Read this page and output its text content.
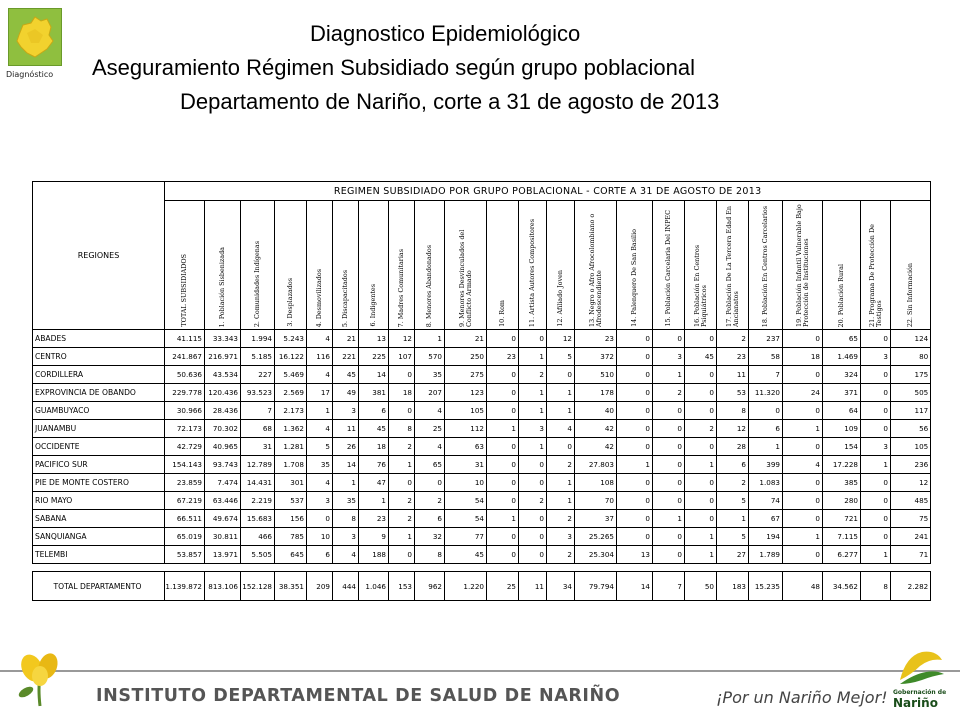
Diagnóstico
Diagnostico Epidemiológico
Aseguramiento Régimen Subsidiado según grupo poblacional
Departamento de Nariño, corte a 31 de agosto de 2013
REGIONES	REGIMEN SUBSIDIADO POR GRUPO POBLACIONAL - CORTE A 31 DE AGOSTO DE 2013																						

	TOTAL SUBSIDIADOS	1. Población Sisbenizada	2. Comunidades Indígenas	3. Desplazados	4. Desmovilizados	5. Discapacitados	6. Indigentes	7. Madres Comunitarias	8. Menores Abandonados	9. Menores Desvinculados del Conflicto Armado	10. Rom	11. Artista Autores Compositores	12. Afiliado Joven	13. Negro o Afro Afrocolombiano o Afrodescendiente	14. Palenquero De San Basilio	15. Población Carcelaria Del INPEC	16. Población En Centros Psiquiátricos	17. Población De La Tercera Edad En Ancianatos	18. Población En Centros Carcelarios	19. Población Infantil Vulnerable Bajo Protección de Instituciones	20. Población Rural	21. Programa De Protección De Testigos	22. Sin Información

ABADES	41.115	33.343	1.994	5.243	4	21	13	12	1	21	0	0	12	23	0	0	0	2	237	0	65	0	124
CENTRO	241.867	216.971	5.185	16.122	116	221	225	107	570	250	23	1	5	372	0	3	45	23	58	18	1.469	3	80
CORDILLERA	50.636	43.534	227	5.469	4	45	14	0	35	275	0	2	0	510	0	1	0	11	7	0	324	0	175
EXPROVINCIA DE OBANDO	229.778	120.436	93.523	2.569	17	49	381	18	207	123	0	1	1	178	0	2	0	53	11.320	24	371	0	505
GUAMBUYACO	30.966	28.436	7	2.173	1	3	6	0	4	105	0	1	1	40	0	0	0	8	0	0	64	0	117
JUANAMBU	72.173	70.302	68	1.362	4	11	45	8	25	112	1	3	4	42	0	0	2	12	6	1	109	0	56
OCCIDENTE	42.729	40.965	31	1.281	5	26	18	2	4	63	0	1	0	42	0	0	0	28	1	0	154	3	105
PACIFICO SUR	154.143	93.743	12.789	1.708	35	14	76	1	65	31	0	0	2	27.803	1	0	1	6	399	4	17.228	1	236
PIE DE MONTE COSTERO	23.859	7.474	14.431	301	4	1	47	0	0	10	0	0	1	108	0	0	0	2	1.083	0	385	0	12
RIO MAYO	67.219	63.446	2.219	537	3	35	1	2	2	54	0	2	1	70	0	0	0	5	74	0	280	0	485
SABANA	66.511	49.674	15.683	156	0	8	23	2	6	54	1	0	2	37	0	1	0	1	67	0	721	0	75
SANQUIANGA	65.019	30.811	466	785	10	3	9	1	32	77	0	0	3	25.265	0	0	1	5	194	1	7.115	0	241
TELEMBI	53.857	13.971	5.505	645	6	4	188	0	8	45	0	0	2	25.304	13	0	1	27	1.789	0	6.277	1	71

TOTAL DEPARTAMENTO	1.139.872	813.106	152.128	38.351	209	444	1.046	153	962	1.220	25	11	34	79.794	14	7	50	183	15.235	48	34.562	8	2.282
INSTITUTO DEPARTAMENTAL DE SALUD DE NARIÑO	¡Por un Nariño Mejor! Gobernación de
Nariño
